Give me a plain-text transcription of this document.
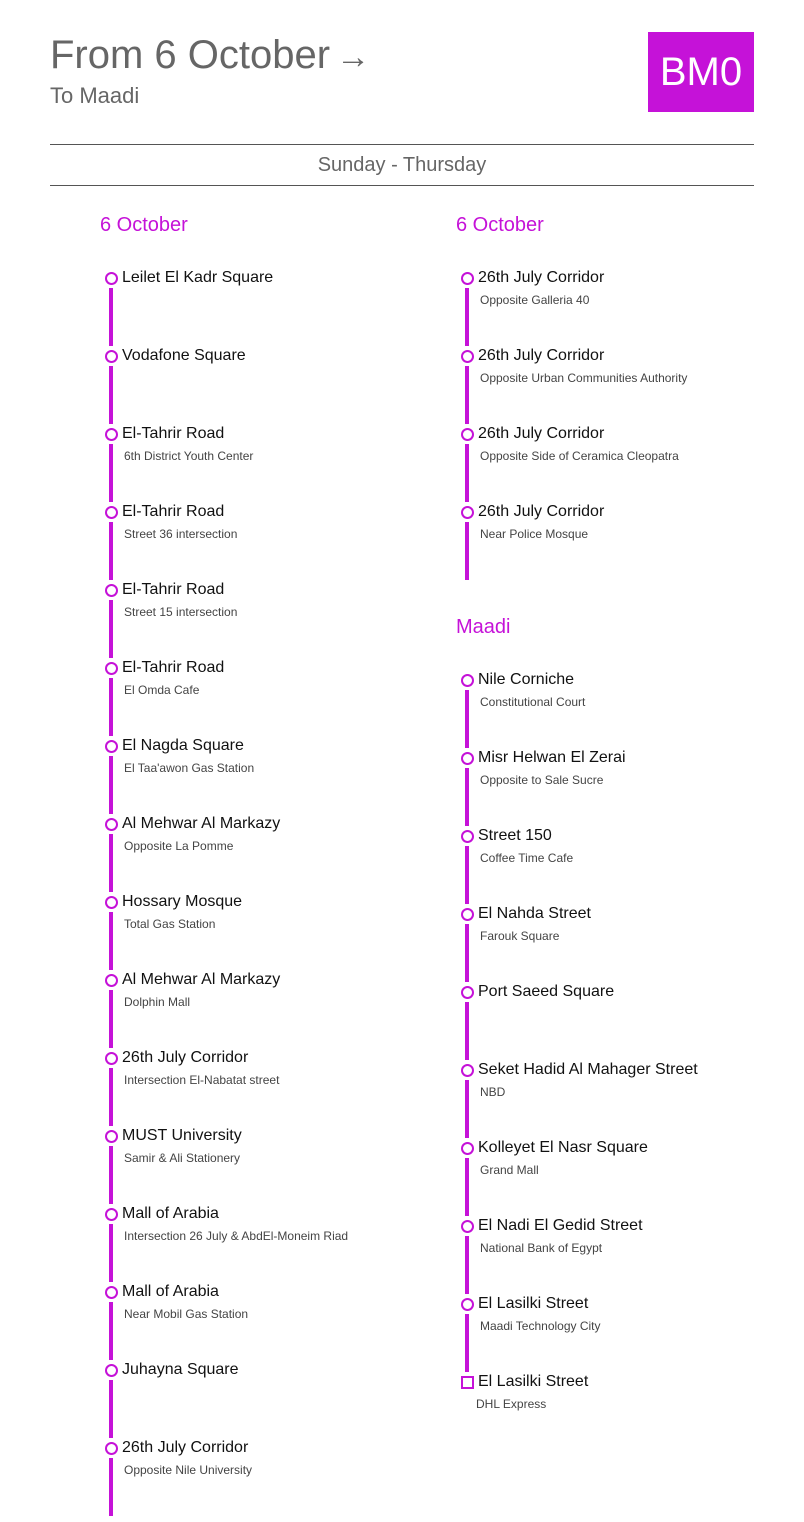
From 6 October →
To Maadi
BM0
Sunday - Thursday
6 October
Leilet El Kadr Square
Vodafone Square
El-Tahrir Road
6th District Youth Center
El-Tahrir Road
Street 36 intersection
El-Tahrir Road
Street 15 intersection
El-Tahrir Road
El Omda Cafe
El Nagda Square
El Taa'awon Gas Station
Al Mehwar Al Markazy
Opposite La Pomme
Hossary Mosque
Total Gas Station
Al Mehwar Al Markazy
Dolphin Mall
26th July Corridor
Intersection El-Nabatat street
MUST University
Samir & Ali Stationery
Mall of Arabia
Intersection 26 July & AbdEl-Moneim Riad
Mall of Arabia
Near Mobil Gas Station
Juhayna Square
26th July Corridor
Opposite Nile University
6 October
26th July Corridor
Opposite Galleria 40
26th July Corridor
Opposite Urban Communities Authority
26th July Corridor
Opposite Side of Ceramica Cleopatra
26th July Corridor
Near Police Mosque
Maadi
Nile Corniche
Constitutional Court
Misr Helwan El Zerai
Opposite to Sale Sucre
Street 150
Coffee Time Cafe
El Nahda Street
Farouk Square
Port Saeed Square
Seket Hadid Al Mahager Street
NBD
Kolleyet El Nasr Square
Grand Mall
El Nadi El Gedid Street
National Bank of Egypt
El Lasilki Street
Maadi Technology City
El Lasilki Street
DHL Express
